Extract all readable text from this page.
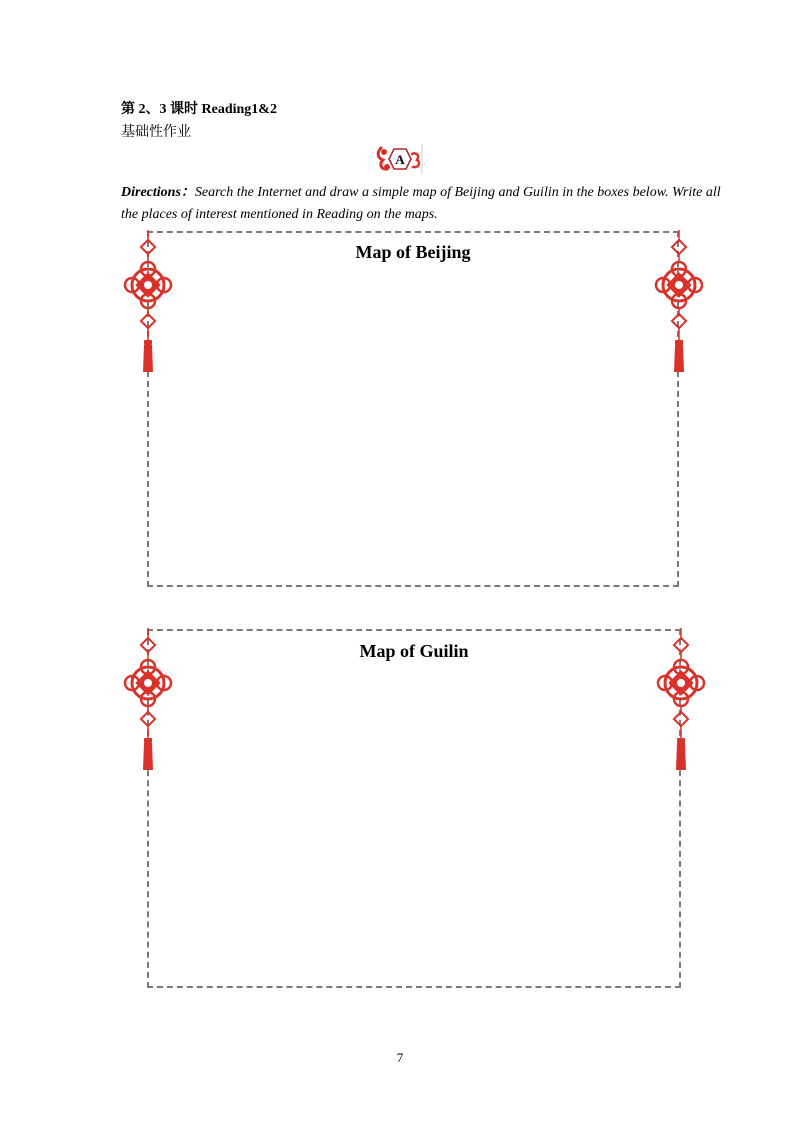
第 2、3 课时 Reading1&2
基础性作业
A
Directions：Search the Internet and draw a simple map of Beijing and Guilin in the boxes below. Write all the places of interest mentioned in Reading on the maps.
Map of Beijing
Map of Guilin
7
